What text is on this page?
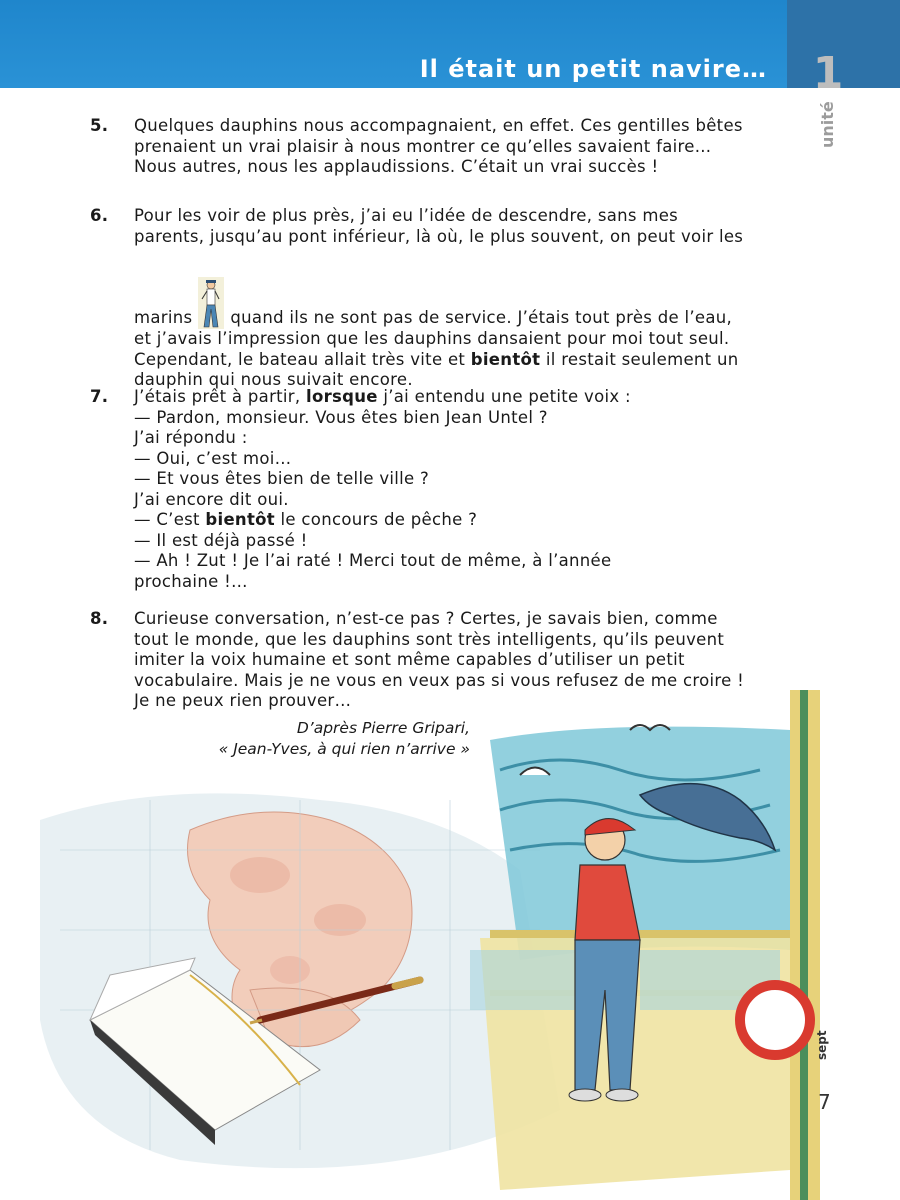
Il était un petit navire… 1
unité
5. Quelques dauphins nous accompagnaient, en effet. Ces gentilles bêtes
prenaient un vrai plaisir à nous montrer ce qu’elles savaient faire…
Nous autres, nous les applaudissions. C’était un vrai succès !
6. Pour les voir de plus près, j’ai eu l’idée de descendre, sans mes
parents, jusqu’au pont inférieur, là où, le plus souvent, on peut voir les
marins quand ils ne sont pas de service. J’étais tout près de l’eau,
et j’avais l’impression que les dauphins dansaient pour moi tout seul.
Cependant, le bateau allait très vite et bientôt il restait seulement un
dauphin qui nous suivait encore.
7. J’étais prêt à partir, lorsque j’ai entendu une petite voix :
— Pardon, monsieur. Vous êtes bien Jean Untel ?
J’ai répondu :
— Oui, c’est moi…
— Et vous êtes bien de telle ville ?
J’ai encore dit oui.
— C’est bientôt le concours de pêche ?
— Il est déjà passé !
— Ah ! Zut ! Je l’ai raté ! Merci tout de même, à l’année
prochaine !…
8. Curieuse conversation, n’est-ce pas ? Certes, je savais bien, comme
tout le monde, que les dauphins sont très intelligents, qu’ils peuvent
imiter la voix humaine et sont même capables d’utiliser un petit
vocabulaire. Mais je ne vous en veux pas si vous refusez de me croire !
Je ne peux rien prouver…
D’après Pierre Gripari,
« Jean-Yves, à qui rien n’arrive »
sept
7
